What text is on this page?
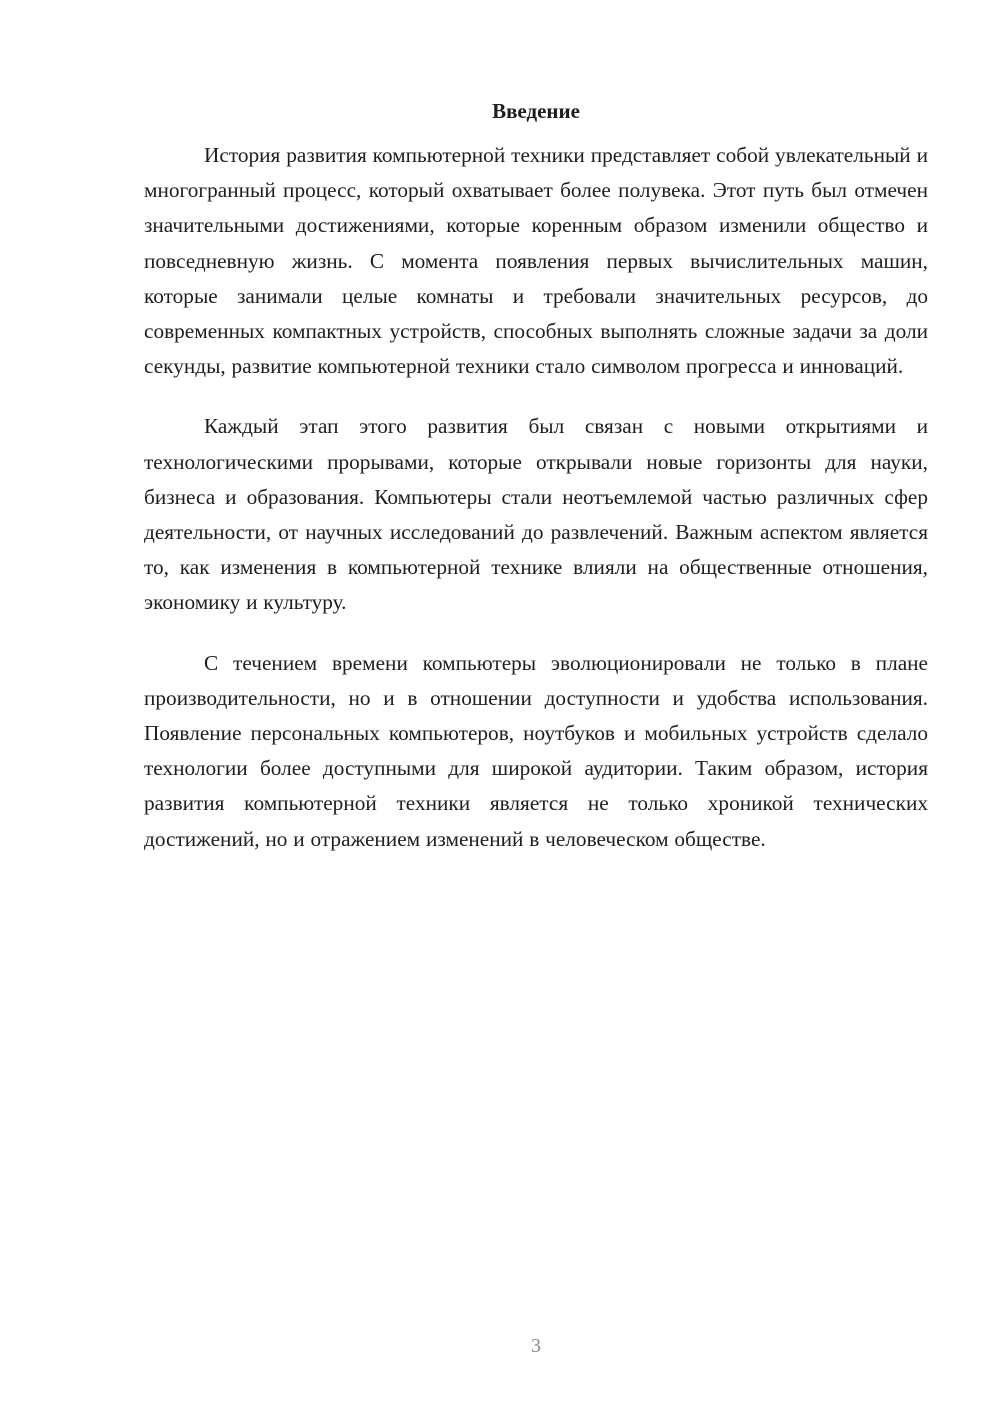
Введение

История развития компьютерной техники представляет собой увлекательный и многогранный процесс, который охватывает более полувека. Этот путь был отмечен значительными достижениями, которые коренным образом изменили общество и повседневную жизнь. С момента появления первых вычислительных машин, которые занимали целые комнаты и требовали значительных ресурсов, до современных компактных устройств, способных выполнять сложные задачи за доли секунды, развитие компьютерной техники стало символом прогресса и инноваций.

Каждый этап этого развития был связан с новыми открытиями и технологическими прорывами, которые открывали новые горизонты для науки, бизнеса и образования. Компьютеры стали неотъемлемой частью различных сфер деятельности, от научных исследований до развлечений. Важным аспектом является то, как изменения в компьютерной технике влияли на общественные отношения, экономику и культуру.

С течением времени компьютеры эволюционировали не только в плане производительности, но и в отношении доступности и удобства использования. Появление персональных компьютеров, ноутбуков и мобильных устройств сделало технологии более доступными для широкой аудитории. Таким образом, история развития компьютерной техники является не только хроникой технических достижений, но и отражением изменений в человеческом обществе.

3
